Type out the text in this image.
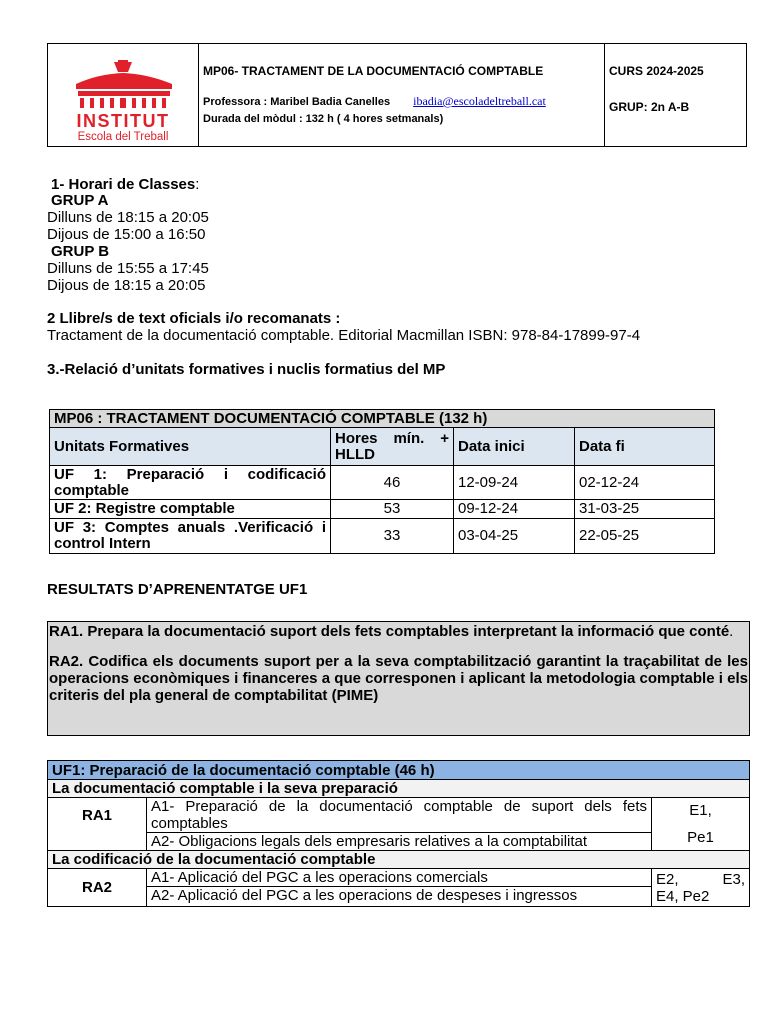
INSTITUT
Escola del Treball
MP06- TRACTAMENT DE LA DOCUMENTACIÓ COMPTABLE
Professora : Maribel Badia Canelles ibadia@escoladeltreball.cat
Durada del mòdul : 132 h ( 4 hores setmanals)
CURS 2024-2025
GRUP: 2n A-B
1- Horari de Classes:
GRUP A
Dilluns de 18:15 a 20:05
Dijous de 15:00 a 16:50
GRUP B
Dilluns de 15:55 a 17:45
Dijous de 18:15 a 20:05
2 Llibre/s de text oficials i/o recomanats :
Tractament de la documentació comptable. Editorial Macmillan ISBN: 978-84-17899-97-4
3.-Relació d’unitats formatives i nuclis formatius del MP
MP06 : TRACTAMENT DOCUMENTACIÓ COMPTABLE (132 h)			
Unitats Formatives	Hores mín. +
HLLD	Data inici	Data fi

UF 1: Preparació i codificació
comptable	46	12-09-24	02-12-24
UF 2: Registre comptable	53	09-12-24	31-03-25

UF 3: Comptes anuals .Verificació i
control Intern	33	03-04-25	22-05-25
RESULTATS D’APRENENTATGE UF1
RA1. Prepara la documentació suport dels fets comptables interpretant la informació que conté.
RA2. Codifica els documents suport per a la seva comptabilització garantint la traçabilitat de les operacions econòmiques i financeres a que corresponen i aplicant la metodologia comptable i els criteris del pla general de comptabilitat (PIME)
UF1: Preparació de la documentació comptable (46 h)		
La documentació comptable i la seva preparació		
RA1	A1- Preparació de la documentació comptable de suport dels fets comptables	E1,
Pe1

	A2- Obligacions legals dels empresaris relatives a la comptabilitat	
La codificació de la documentació comptable		
RA2	A1- Aplicació del PGC a les operacions comercials	E2, E3,
E4, Pe2

	A2- Aplicació del PGC a les operacions de despeses i ingressos	
